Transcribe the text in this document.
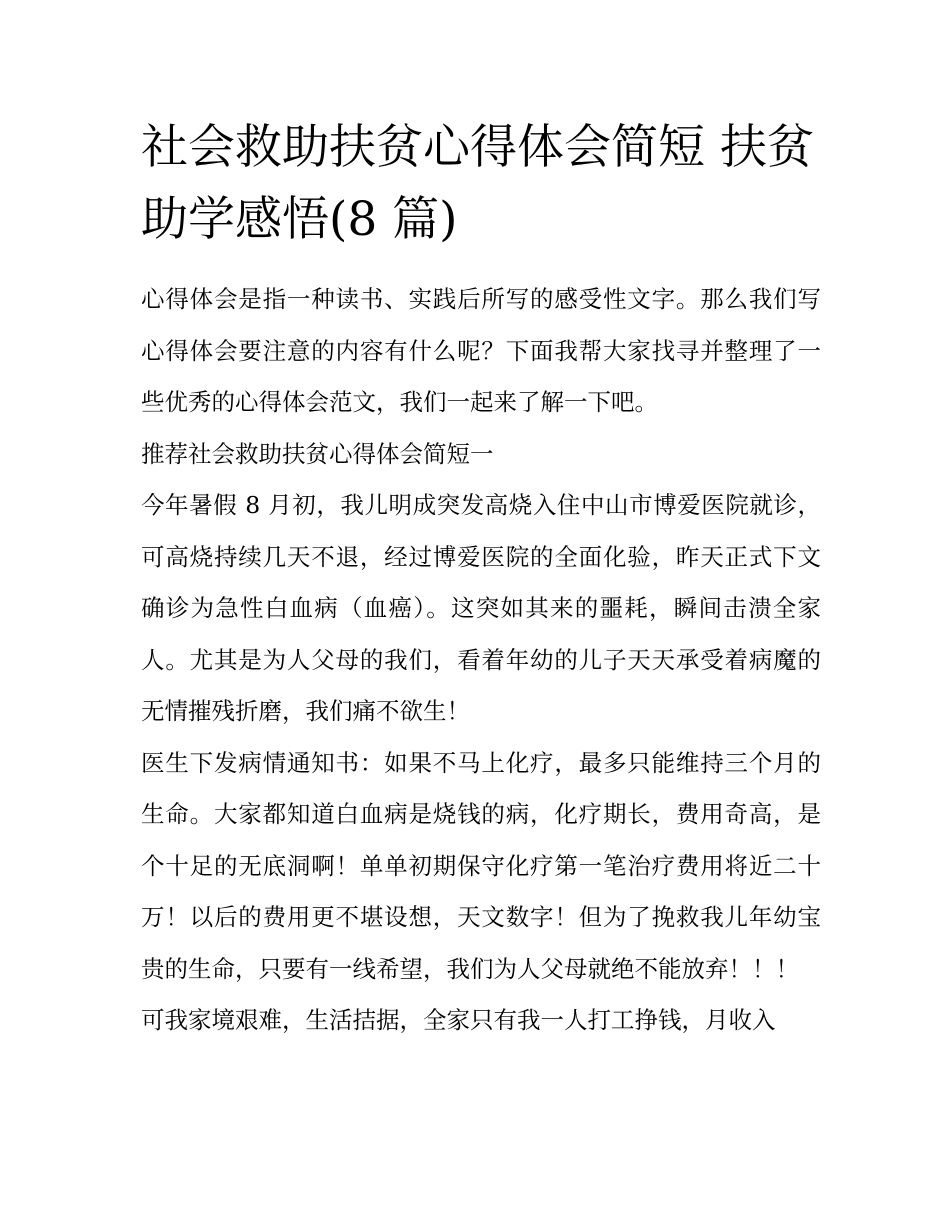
社会救助扶贫心得体会简短 扶贫助学感悟(8 篇)

心得体会是指一种读书、实践后所写的感受性文字。那么我们写心得体会要注意的内容有什么呢？下面我帮大家找寻并整理了一些优秀的心得体会范文，我们一起来了解一下吧。

推荐社会救助扶贫心得体会简短一

今年暑假 8 月初，我儿明成突发高烧入住中山市博爱医院就诊，可高烧持续几天不退，经过博爱医院的全面化验，昨天正式下文确诊为急性白血病（血癌）。这突如其来的噩耗，瞬间击溃全家人。尤其是为人父母的我们，看着年幼的儿子天天承受着病魔的无情摧残折磨，我们痛不欲生！

医生下发病情通知书：如果不马上化疗，最多只能维持三个月的生命。大家都知道白血病是烧钱的病，化疗期长，费用奇高，是个十足的无底洞啊！单单初期保守化疗第一笔治疗费用将近二十万！以后的费用更不堪设想，天文数字！但为了挽救我儿年幼宝贵的生命，只要有一线希望，我们为人父母就绝不能放弃！！！

可我家境艰难，生活拮据，全家只有我一人打工挣钱，月收入
